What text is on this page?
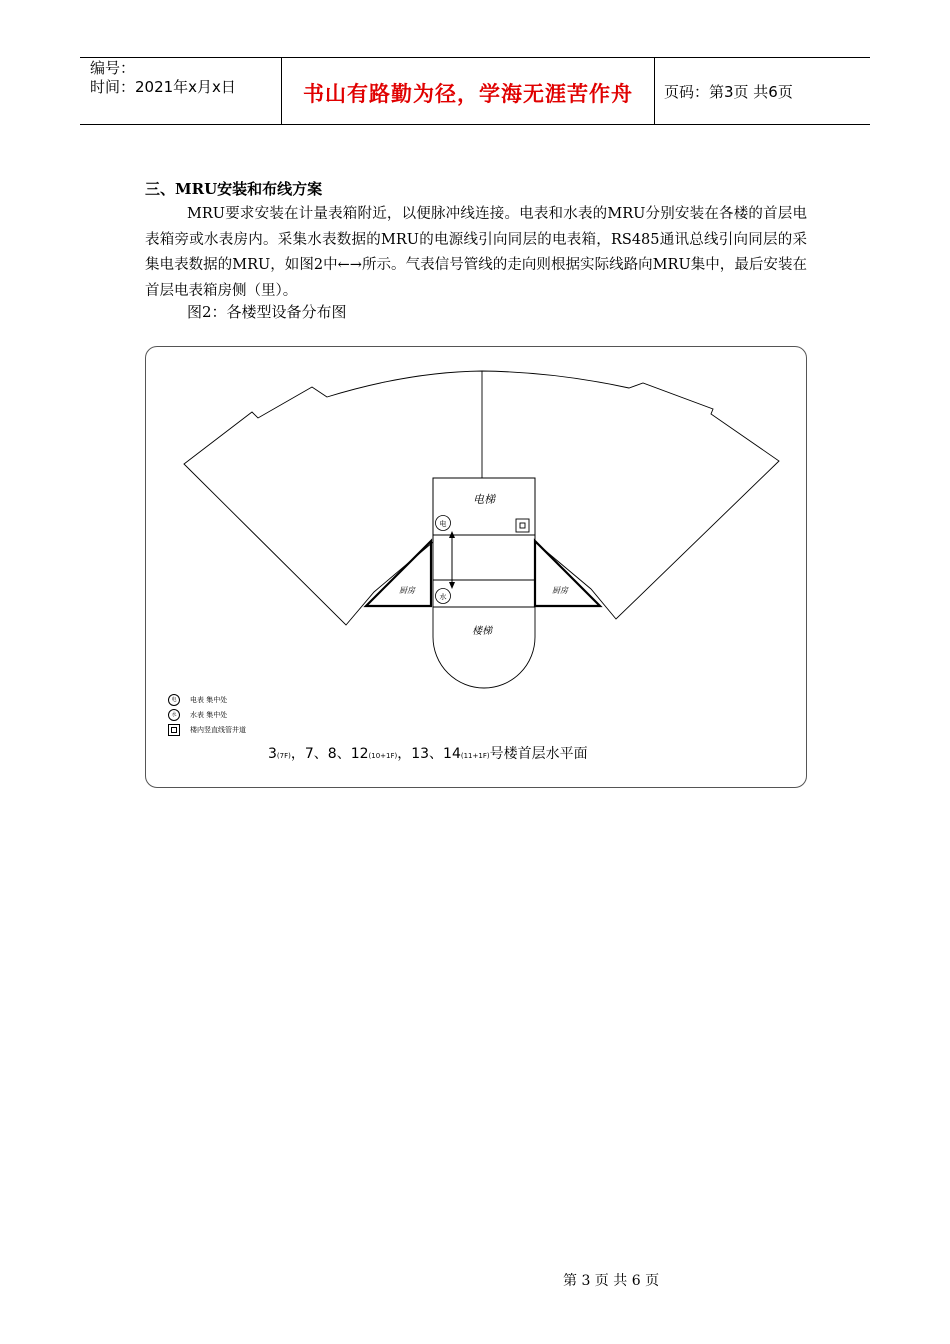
编号：
时间：2021年x月x日	书山有路勤为径，学海无涯苦作舟	页码：第3页 共6页
三、MRU安装和布线方案

MRU要求安装在计量表箱附近，以便脉冲线连接。电表和水表的MRU分别安装在各楼的首层电表箱旁或水表房内。采集水表数据的MRU的电源线引向同层的电表箱，RS485通讯总线引向同层的采集电表数据的MRU，如图2中←→所示。气表信号管线的走向则根据实际线路向MRU集中，最后安装在首层电表箱房侧（里）。

图2：各楼型设备分布图
电梯
楼梯
厨房	厨房
电
水
电	电表 集中处
水	水表 集中处
楼内竖直线管井道
3(7F)，7、8、12(10+1F)，13、14(11+1F)号楼首层水平面
第 3 页 共 6 页
